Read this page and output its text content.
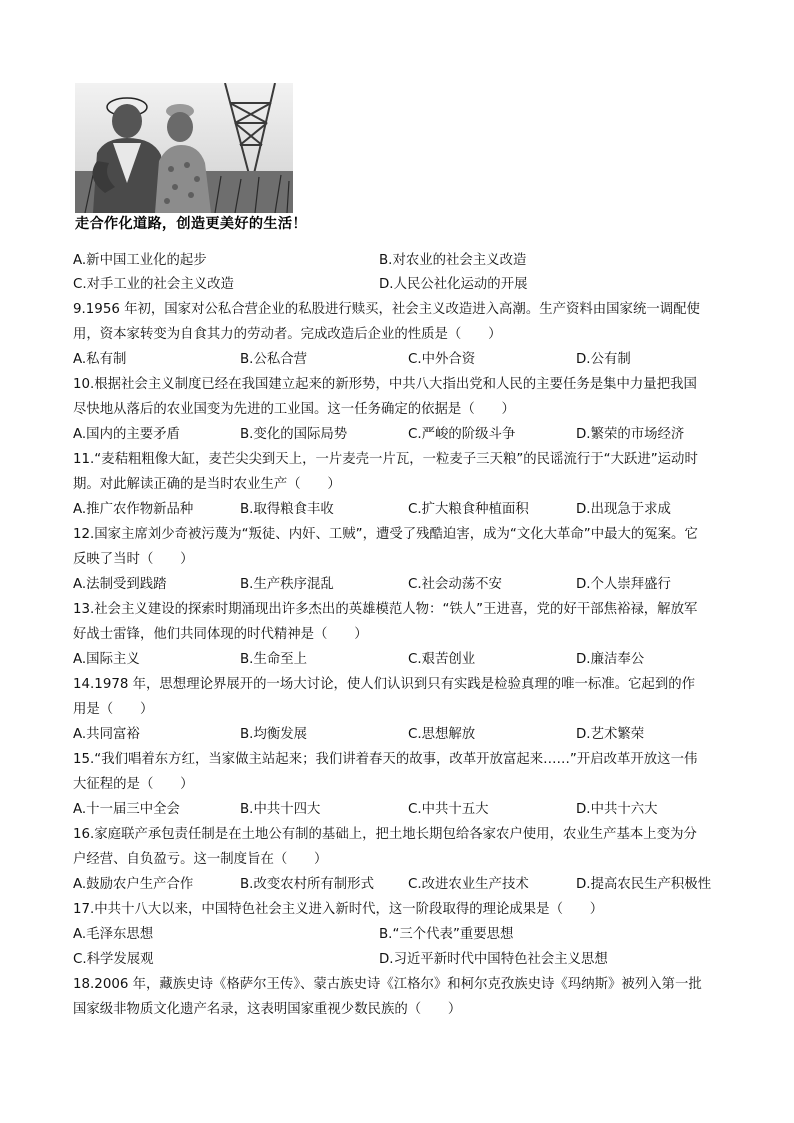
走合作化道路，创造更美好的生活！
A.新中国工业化的起步	B.对农业的社会主义改造
C.对手工业的社会主义改造	D.人民公社化运动的开展
9.1956 年初，国家对公私合营企业的私股进行赎买，社会主义改造进入高潮。生产资料由国家统一调配使
用，资本家转变为自食其力的劳动者。完成改造后企业的性质是（　　）
A.私有制	B.公私合营	C.中外合资	D.公有制
10.根据社会主义制度已经在我国建立起来的新形势，中共八大指出党和人民的主要任务是集中力量把我国
尽快地从落后的农业国变为先进的工业国。这一任务确定的依据是（　　）
A.国内的主要矛盾	B.变化的国际局势	C.严峻的阶级斗争	D.繁荣的市场经济
11.“麦秸粗粗像大缸，麦芒尖尖到天上，一片麦壳一片瓦，一粒麦子三天粮”的民谣流行于“大跃进”运动时
期。对此解读正确的是当时农业生产（　　）
A.推广农作物新品种	B.取得粮食丰收	C.扩大粮食种植面积	D.出现急于求成
12.国家主席刘少奇被污蔑为“叛徒、内奸、工贼”，遭受了残酷迫害，成为“文化大革命”中最大的冤案。它
反映了当时（　　）
A.法制受到践踏	B.生产秩序混乱	C.社会动荡不安	D.个人崇拜盛行
13.社会主义建设的探索时期涌现出许多杰出的英雄模范人物：“铁人”王进喜，党的好干部焦裕禄，解放军
好战士雷锋，他们共同体现的时代精神是（　　）
A.国际主义	B.生命至上	C.艰苦创业	D.廉洁奉公
14.1978 年，思想理论界展开的一场大讨论，使人们认识到只有实践是检验真理的唯一标准。它起到的作
用是（　　）
A.共同富裕	B.均衡发展	C.思想解放	D.艺术繁荣
15.“我们唱着东方红，当家做主站起来；我们讲着春天的故事，改革开放富起来……”开启改革开放这一伟
大征程的是（　　）
A.十一届三中全会	B.中共十四大	C.中共十五大	D.中共十六大
16.家庭联产承包责任制是在土地公有制的基础上，把土地长期包给各家农户使用，农业生产基本上变为分
户经营、自负盈亏。这一制度旨在（　　）
A.鼓励农户生产合作	B.改变农村所有制形式	C.改进农业生产技术	D.提高农民生产积极性
17.中共十八大以来，中国特色社会主义进入新时代，这一阶段取得的理论成果是（　　）
A.毛泽东思想	B.“三个代表”重要思想
C.科学发展观	D.习近平新时代中国特色社会主义思想
18.2006 年，藏族史诗《格萨尔王传》、蒙古族史诗《江格尔》和柯尔克孜族史诗《玛纳斯》被列入第一批
国家级非物质文化遗产名录，这表明国家重视少数民族的（　　）
